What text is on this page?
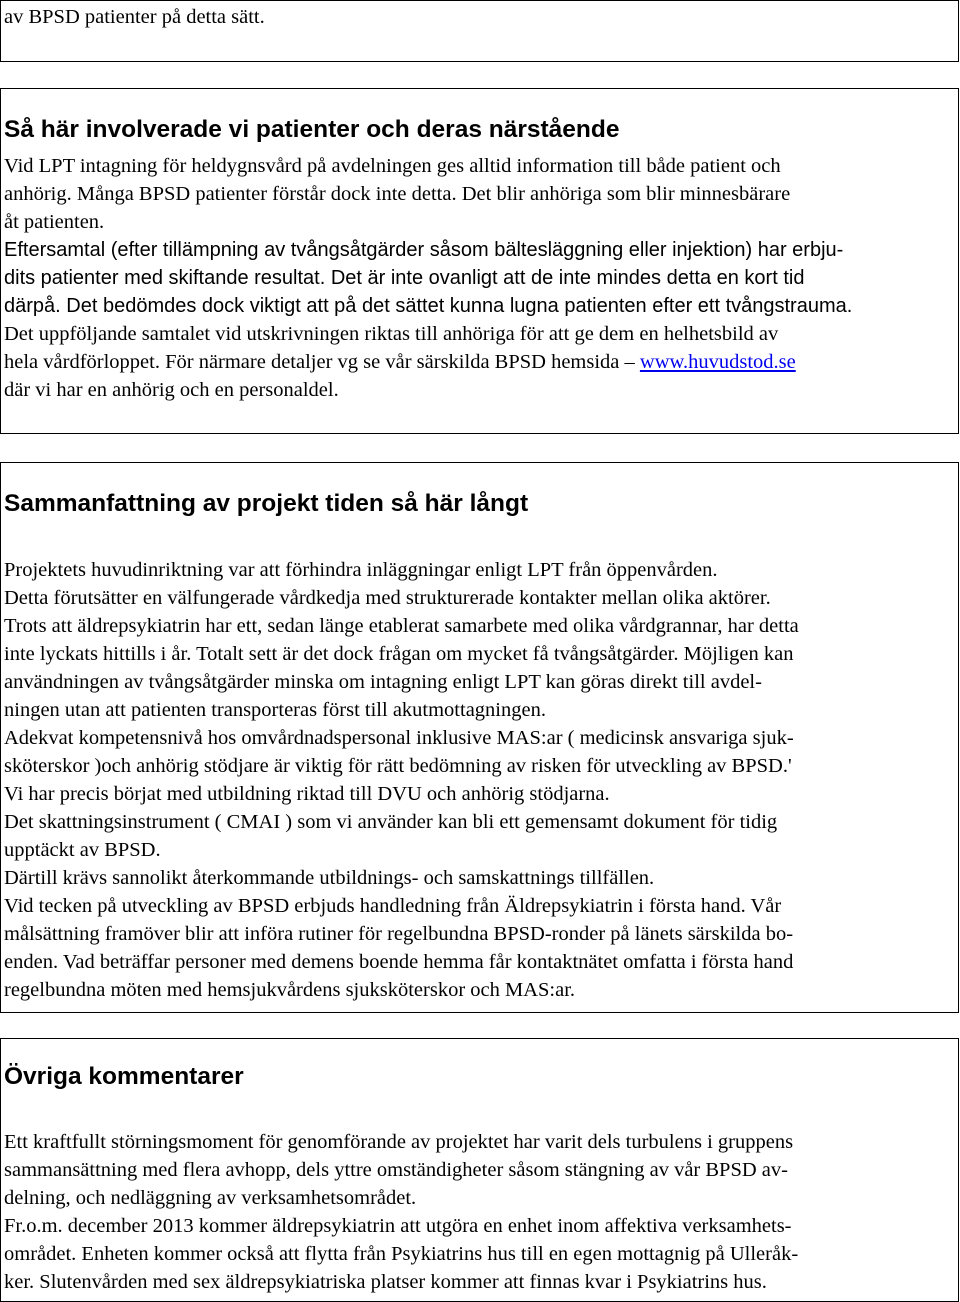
av BPSD patienter på detta sätt.
Så här involverade vi patienter och deras närstående
Vid LPT intagning för heldygnsvård på avdelningen ges alltid information till både patient och
anhörig. Många BPSD patienter förstår dock inte detta. Det blir anhöriga som blir minnesbärare
åt patienten.
Eftersamtal (efter tillämpning av tvångsåtgärder såsom bältesläggning eller injektion) har erbju-
dits patienter med skiftande resultat. Det är inte ovanligt att de inte mindes detta en kort tid
därpå. Det bedömdes dock viktigt att på det sättet kunna lugna patienten efter ett tvångstrauma.
Det uppföljande samtalet vid utskrivningen riktas till anhöriga för att ge dem en helhetsbild av
hela vårdförloppet. För närmare detaljer vg se vår särskilda BPSD hemsida – www.huvudstod.se
där vi har en anhörig och en personaldel.
Sammanfattning av projekt tiden så här långt
Projektets huvudinriktning var att förhindra inläggningar enligt LPT från öppenvården.
Detta förutsätter en välfungerade vårdkedja med strukturerade kontakter mellan olika aktörer.
Trots att äldrepsykiatrin har ett, sedan länge etablerat samarbete med olika vårdgrannar, har detta
inte lyckats hittills i år. Totalt sett är det dock frågan om mycket få tvångsåtgärder. Möjligen kan
användningen av tvångsåtgärder minska om intagning enligt LPT kan göras direkt till avdel-
ningen utan att patienten transporteras först till akutmottagningen.
Adekvat kompetensnivå hos omvårdnadspersonal inklusive MAS:ar ( medicinsk ansvariga sjuk-
sköterskor )och anhörig stödjare är viktig för rätt bedömning av risken för utveckling av BPSD.'
Vi har precis börjat med utbildning riktad till DVU och anhörig stödjarna.
Det skattningsinstrument ( CMAI ) som vi använder kan bli ett gemensamt dokument för tidig
upptäckt av BPSD.
Därtill krävs sannolikt återkommande utbildnings- och samskattnings tillfällen.
Vid tecken på utveckling av BPSD erbjuds handledning från Äldrepsykiatrin i första hand. Vår
målsättning framöver blir att införa rutiner för regelbundna BPSD-ronder på länets särskilda bo-
enden. Vad beträffar personer med demens boende hemma får kontaktnätet omfatta i första hand
regelbundna möten med hemsjukvårdens sjuksköterskor och MAS:ar.
Övriga kommentarer
Ett kraftfullt störningsmoment för genomförande av projektet har varit dels turbulens i gruppens
sammansättning med flera avhopp, dels yttre omständigheter såsom stängning av vår BPSD av-
delning, och nedläggning av verksamhetsområdet.
Fr.o.m. december 2013 kommer äldrepsykiatrin att utgöra en enhet inom affektiva verksamhets-
området. Enheten kommer också att flytta från Psykiatrins hus till en egen mottagnig på Ulleråk-
ker. Slutenvården med sex äldrepsykiatriska platser kommer att finnas kvar i Psykiatrins hus.
